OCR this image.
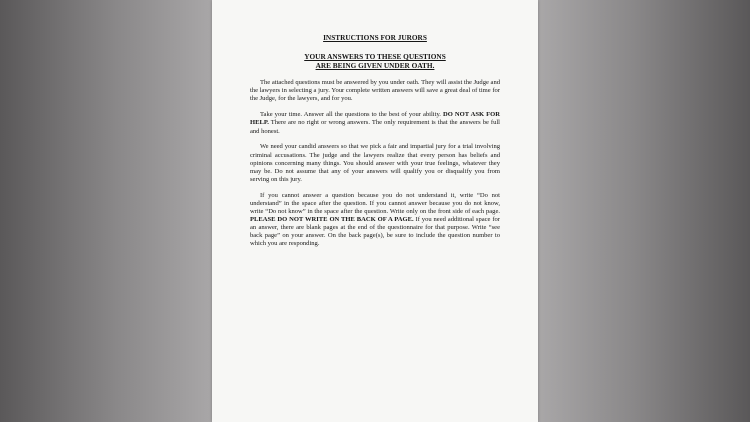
INSTRUCTIONS FOR JURORS

YOUR ANSWERS TO THESE QUESTIONS
ARE BEING GIVEN UNDER OATH.

The attached questions must be answered by you under oath. They will assist the Judge and the lawyers in selecting a jury. Your complete written answers will save a great deal of time for the Judge, for the lawyers, and for you.

Take your time. Answer all the questions to the best of your ability. DO NOT ASK FOR HELP. There are no right or wrong answers. The only requirement is that the answers be full and honest.

We need your candid answers so that we pick a fair and impartial jury for a trial involving criminal accusations. The judge and the lawyers realize that every person has beliefs and opinions concerning many things. You should answer with your true feelings, whatever they may be. Do not assume that any of your answers will qualify you or disqualify you from serving on this jury.

If you cannot answer a question because you do not understand it, write “Do not understand” in the space after the question. If you cannot answer because you do not know, write “Do not know” in the space after the question. Write only on the front side of each page. PLEASE DO NOT WRITE ON THE BACK OF A PAGE. If you need additional space for an answer, there are blank pages at the end of the questionnaire for that purpose. Write “see back page” on your answer. On the back page(s), be sure to include the question number to which you are responding.
